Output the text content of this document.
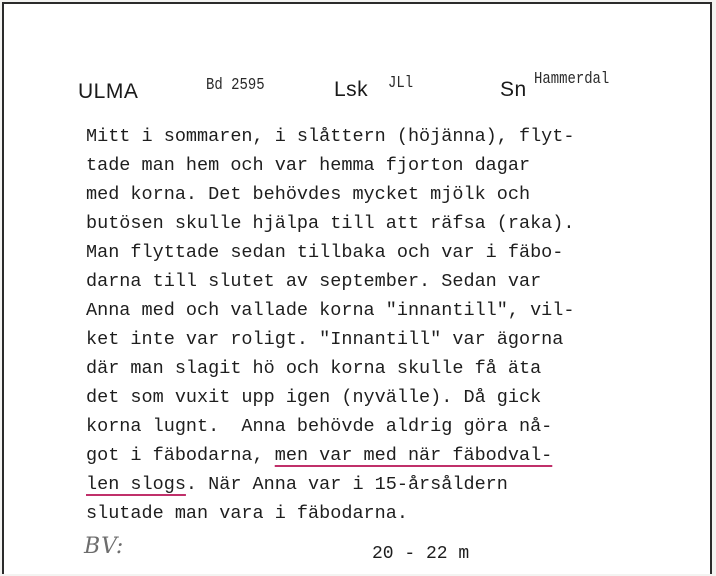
ULMA	Bd 2595	Lsk JLl	Sn Hammerdal
Mitt i sommaren, i slåttern (höjänna), flyt-
tade man hem och var hemma fjorton dagar
med korna. Det behövdes mycket mjölk och
butösen skulle hjälpa till att räfsa (raka).
Man flyttade sedan tillbaka och var i fäbo-
darna till slutet av september. Sedan var
Anna med och vallade korna "innantill", vil-
ket inte var roligt. "Innantill" var ägorna
där man slagit hö och korna skulle få äta
det som vuxit upp igen (nyvälle). Då gick
korna lugnt.  Anna behövde aldrig göra nå-
got i fäbodarna, men var med när fäbodval-
len slogs. När Anna var i 15-årsåldern
slutade man vara i fäbodarna.
BV:	20 - 22 m
